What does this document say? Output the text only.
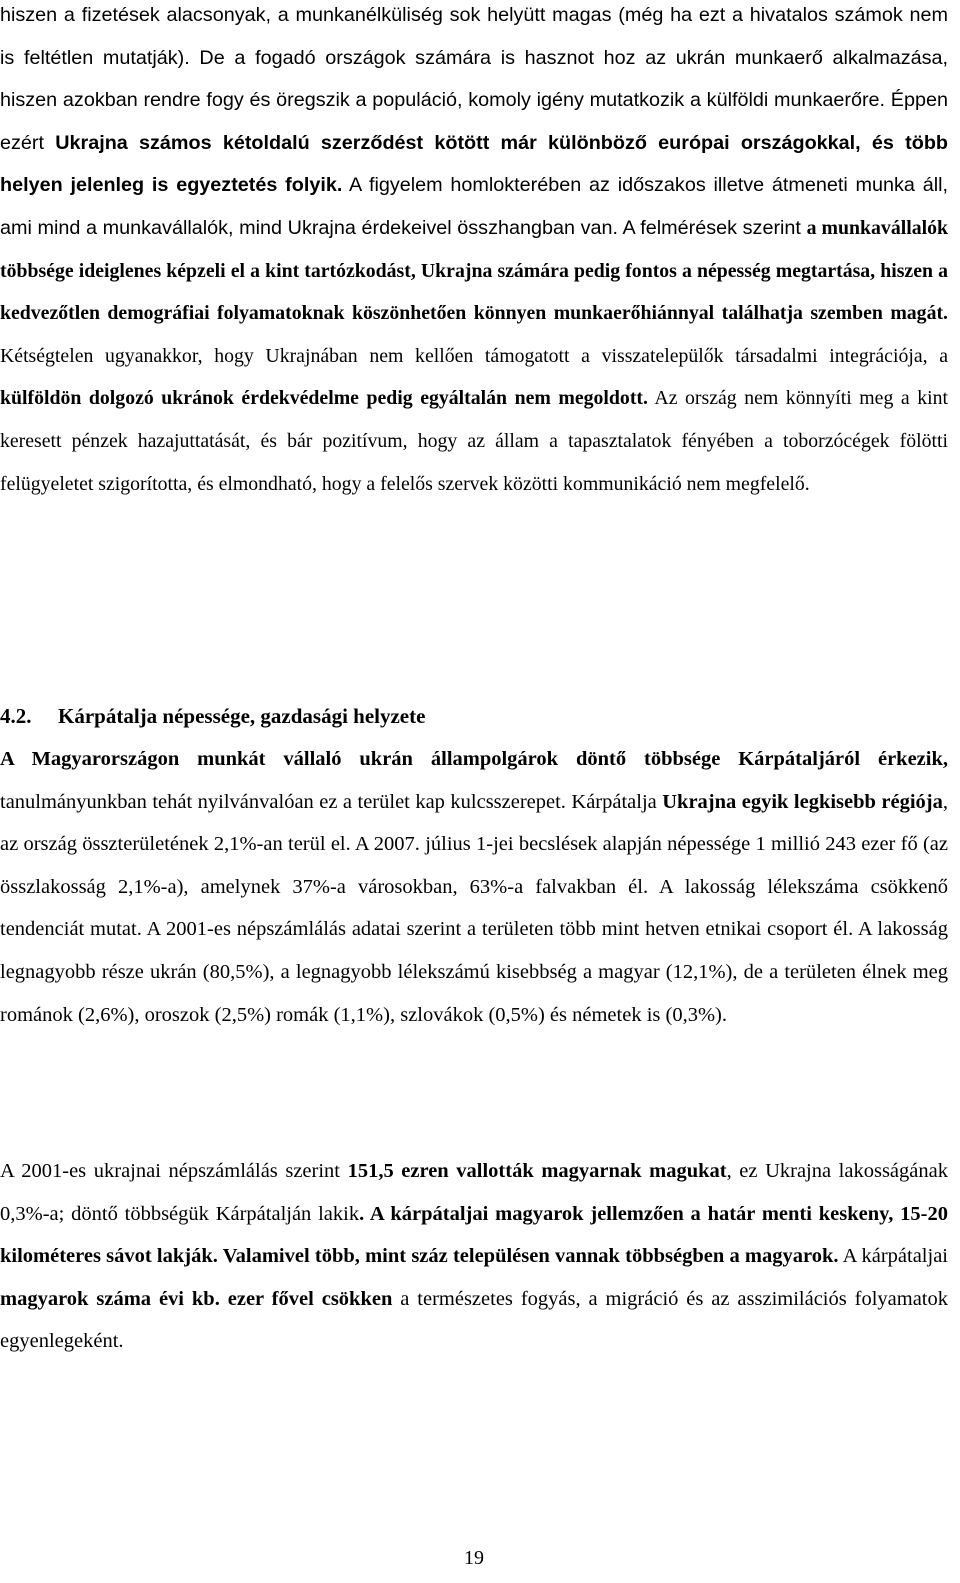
hiszen a fizetések alacsonyak, a munkanélküliség sok helyütt magas (még ha ezt a hivatalos számok nem is feltétlen mutatják). De a fogadó országok számára is hasznot hoz az ukrán munkaerő alkalmazása, hiszen azokban rendre fogy és öregszik a populáció, komoly igény mutatkozik a külföldi munkaerőre. Éppen ezért Ukrajna számos kétoldalú szerződést kötött már különböző európai országokkal, és több helyen jelenleg is egyeztetés folyik. A figyelem homlokterében az időszakos illetve átmeneti munka áll, ami mind a munkavállalók, mind Ukrajna érdekeivel összhangban van. A felmérések szerint a munkavállalók többsége ideiglenes képzeli el a kint tartózkodást, Ukrajna számára pedig fontos a népesség megtartása, hiszen a kedvezőtlen demográfiai folyamatoknak köszönhetően könnyen munkaerőhiánnyal találhatja szemben magát. Kétségtelen ugyanakkor, hogy Ukrajnában nem kellően támogatott a visszatelepülők társadalmi integrációja, a külföldön dolgozó ukránok érdekvédelme pedig egyáltalán nem megoldott. Az ország nem könnyíti meg a kint keresett pénzek hazajuttatását, és bár pozitívum, hogy az állam a tapasztalatok fényében a toborzócégek fölötti felügyeletet szigorította, és elmondható, hogy a felelős szervek közötti kommunikáció nem megfelelő.

4.2. Kárpátalja népessége, gazdasági helyzete

A Magyarországon munkát vállaló ukrán állampolgárok döntő többsége Kárpátaljáról érkezik, tanulmányunkban tehát nyilvánvalóan ez a terület kap kulcsszerepet. Kárpátalja Ukrajna egyik legkisebb régiója, az ország összterületének 2,1%-an terül el. A 2007. július 1-jei becslések alapján népessége 1 millió 243 ezer fő (az összlakosság 2,1%-a), amelynek 37%-a városokban, 63%-a falvakban él. A lakosság lélekszáma csökkenő tendenciát mutat. A 2001-es népszámlálás adatai szerint a területen több mint hetven etnikai csoport él. A lakosság legnagyobb része ukrán (80,5%), a legnagyobb lélekszámú kisebbség a magyar (12,1%), de a területen élnek meg románok (2,6%), oroszok (2,5%) romák (1,1%), szlovákok (0,5%) és németek is (0,3%).

A 2001-es ukrajnai népszámlálás szerint 151,5 ezren vallották magyarnak magukat, ez Ukrajna lakosságának 0,3%-a; döntő többségük Kárpátalján lakik. A kárpátaljai magyarok jellemzően a határ menti keskeny, 15-20 kilométeres sávot lakják. Valamivel több, mint száz településen vannak többségben a magyarok. A kárpátaljai magyarok száma évi kb. ezer fővel csökken a természetes fogyás, a migráció és az asszimilációs folyamatok egyenlegeként.

19
